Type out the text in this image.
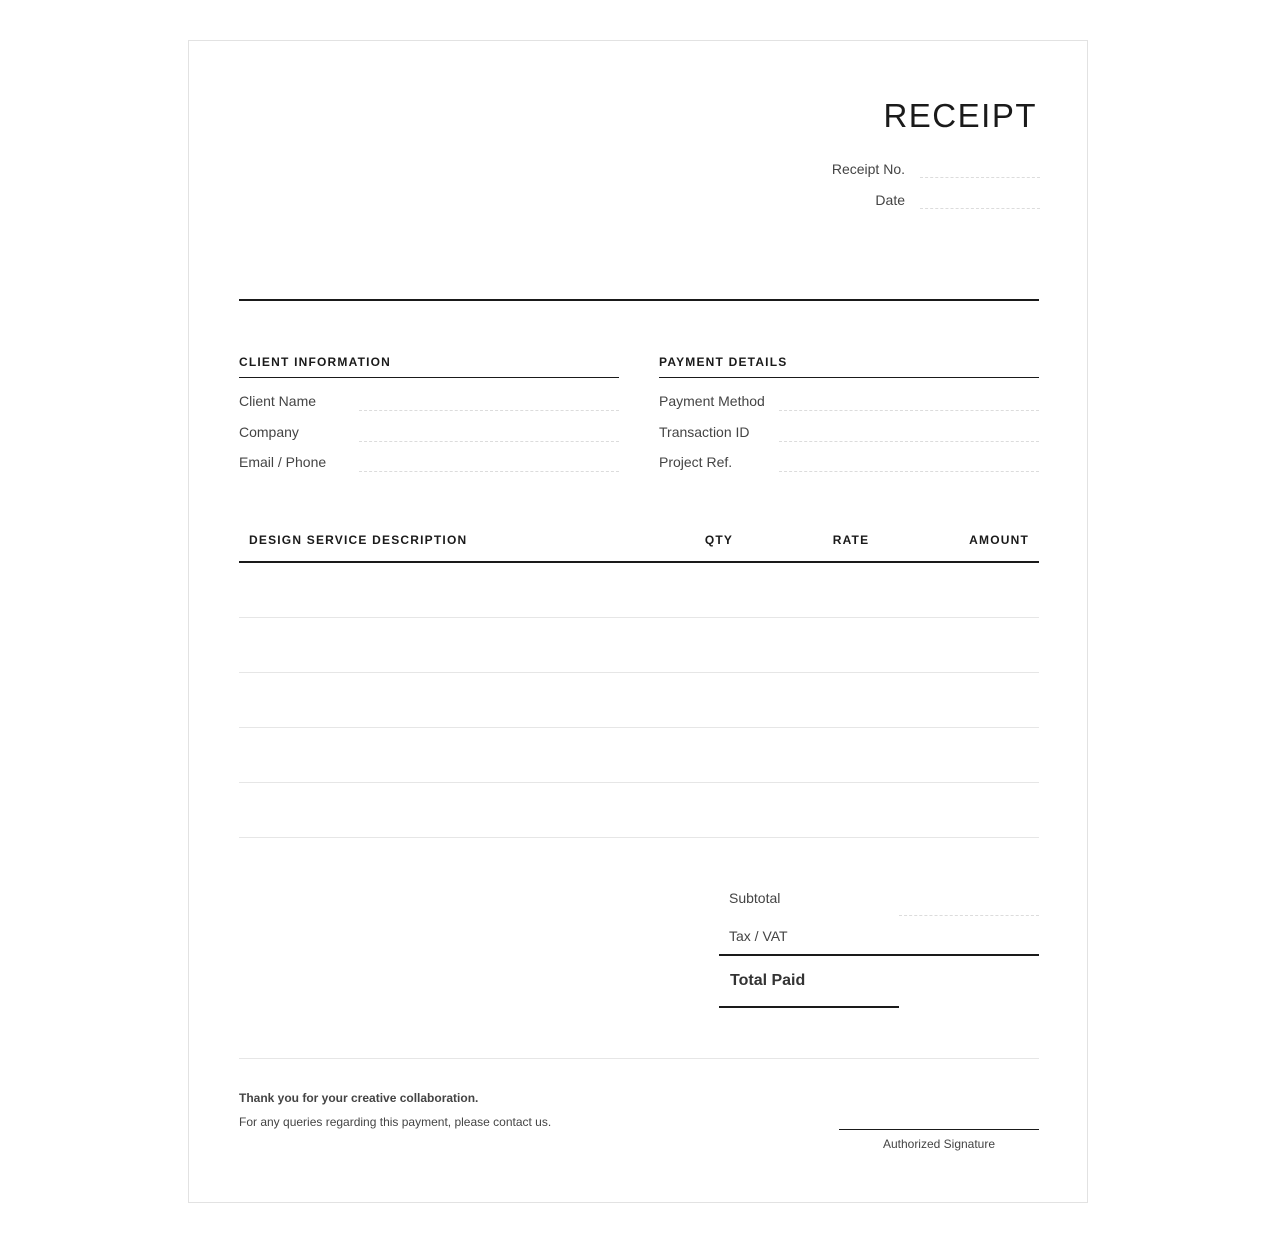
RECEIPT
Receipt No.
Date
CLIENT INFORMATION
Client Name
Company
Email / Phone
PAYMENT DETAILS
Payment Method
Transaction ID
Project Ref.
DESIGN SERVICE DESCRIPTION	QTY	RATE	AMOUNT
Subtotal
Tax / VAT
Total Paid
Thank you for your creative collaboration.
For any queries regarding this payment, please contact us.
Authorized Signature
